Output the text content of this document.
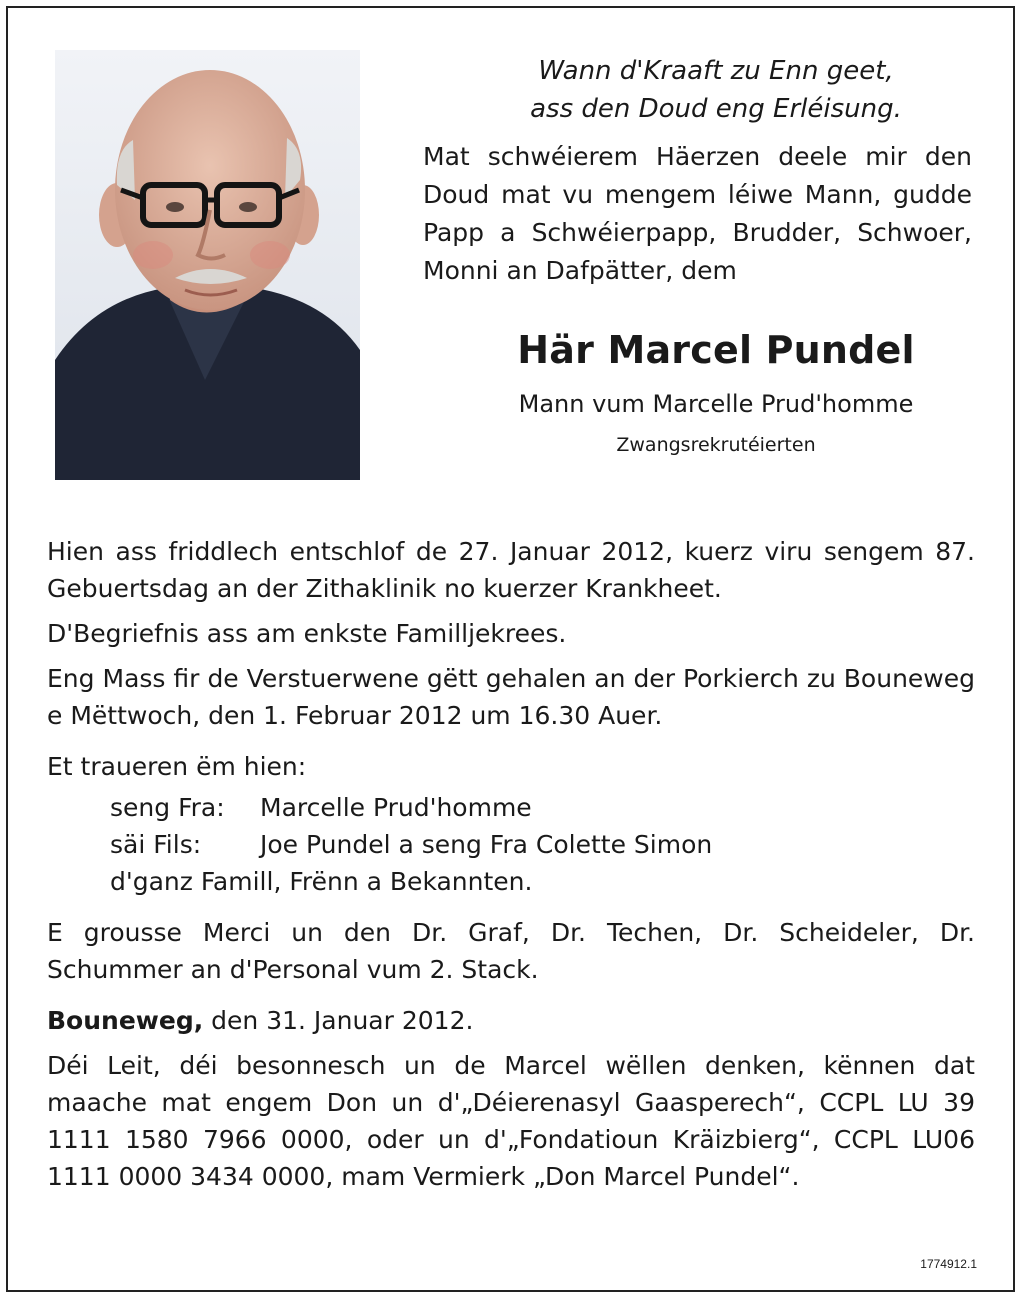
Wann d'Kraaft zu Enn geet,
ass den Doud eng Erléisung.
Mat schwéierem Häerzen deele mir den Doud mat vu mengem léiwe Mann, gudde Papp a Schwéierpapp, Brudder, Schwoer, Monni an Dafpätter, dem
Här Marcel Pundel
Mann vum Marcelle Prud'homme
Zwangsrekrutéierten

Hien ass friddlech entschlof de 27. Januar 2012, kuerz viru sengem 87. Gebuertsdag an der Zithaklinik no kuerzer Krankheet.

D'Begriefnis ass am enkste Familljekrees.

Eng Mass fir de Verstuerwene gëtt gehalen an der Porkierch zu Bouneweg e Mëttwoch, den 1. Februar 2012 um 16.30 Auer.

Et traueren ëm hien:

seng Fra:	Marcelle Prud'homme
säi Fils:	Joe Pundel a seng Fra Colette Simon
d'ganz Famill, Frënn a Bekannten.

E grousse Merci un den Dr. Graf, Dr. Techen, Dr. Scheideler, Dr. Schummer an d'Personal vum 2. Stack.

Bouneweg, den 31. Januar 2012.

Déi Leit, déi besonnesch un de Marcel wëllen denken, kënnen dat maache mat engem Don un d'„Déierenasyl Gaasperech“, CCPL LU 39 1111 1580 7966 0000, oder un d'„Fondatioun Kräizbierg“, CCPL LU06 1111 0000 3434 0000, mam Vermierk „Don Marcel Pundel“.

1774912.1
